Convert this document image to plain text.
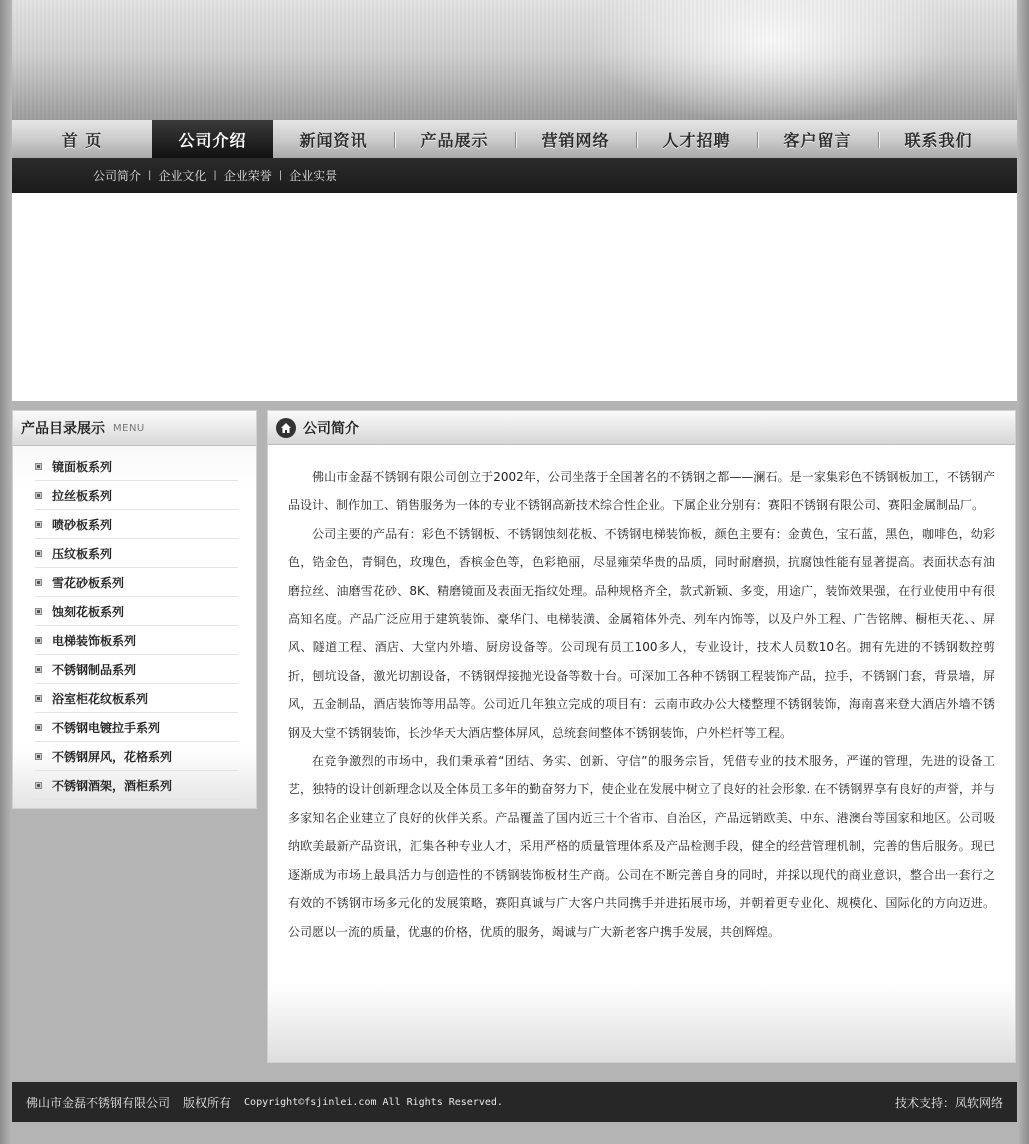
首 页	公司介绍	新闻资讯	产品展示	营销网络	人才招聘	客户留言	联系我们
公司简介 | 企业文化 | 企业荣誉 | 企业实景
产品目录展示 MENU
镜面板系列
拉丝板系列
喷砂板系列
压纹板系列
雪花砂板系列
蚀刻花板系列
电梯装饰板系列
不锈钢制品系列
浴室柜花纹板系列
不锈钢电镀拉手系列
不锈钢屏风，花格系列
不锈钢酒架，酒柜系列
公司简介

佛山市金磊不锈钢有限公司创立于2002年，公司坐落于全国著名的不锈钢之都——澜石。是一家集彩色不锈钢板加工，不锈钢产品设计、制作加工、销售服务为一体的专业不锈钢高新技术综合性企业。下属企业分别有：赛阳不锈钢有限公司、赛阳金属制品厂。

公司主要的产品有：彩色不锈钢板、不锈钢蚀刻花板、不锈钢电梯装饰板，颜色主要有：金黄色，宝石蓝，黑色，咖啡色，幼彩色，锆金色，青铜色，玫瑰色，香槟金色等，色彩艳丽，尽显雍荣华贵的品质，同时耐磨损，抗腐蚀性能有显著提高。表面状态有油磨拉丝、油磨雪花砂、8K、精磨镜面及表面无指纹处理。品种规格齐全，款式新颖、多变，用途广，装饰效果强，在行业使用中有很高知名度。产品广泛应用于建筑装饰、豪华门、电梯装潢、金属箱体外壳、列车内饰等，以及户外工程、广告铭牌、橱柜天花、、屏风、隧道工程、酒店、大堂内外墙、厨房设备等。公司现有员工100多人，专业设计，技术人员数10名。拥有先进的不锈钢数控剪折，刨坑设备，激光切割设备，不锈钢焊接抛光设备等数十台。可深加工各种不锈钢工程装饰产品，拉手，不锈钢门套，背景墙，屏风，五金制品，酒店装饰等用品等。公司近几年独立完成的项目有：云南市政办公大楼整理不锈钢装饰，海南喜来登大酒店外墙不锈钢及大堂不锈钢装饰，长沙华天大酒店整体屏风，总统套间整体不锈钢装饰，户外栏杆等工程。

在竞争激烈的市场中，我们秉承着“团结、务实、创新、守信”的服务宗旨，凭借专业的技术服务，严谨的管理，先进的设备工艺，独特的设计创新理念以及全体员工多年的勤奋努力下，使企业在发展中树立了良好的社会形象. 在不锈钢界享有良好的声誉，并与多家知名企业建立了良好的伙伴关系。产品覆盖了国内近三十个省市、自治区，产品远销欧美、中东、港澳台等国家和地区。公司吸纳欧美最新产品资讯，汇集各种专业人才，采用严格的质量管理体系及产品检测手段，健全的经营管理机制，完善的售后服务。现已逐渐成为市场上最具活力与创造性的不锈钢装饰板材生产商。公司在不断完善自身的同时，并採以现代的商业意识，整合出一套行之有效的不锈钢市场多元化的发展策略，赛阳真诚与广大客户共同携手并进拓展市场，并朝着更专业化、规模化、国际化的方向迈进。公司愿以一流的质量，优惠的价格，优质的服务，竭诚与广大新老客户携手发展，共创辉煌。

佛山市金磊不锈钢有限公司 版权所有 Copyright©fsjinlei.com All Rights Reserved.	技术支持：凤软网络
